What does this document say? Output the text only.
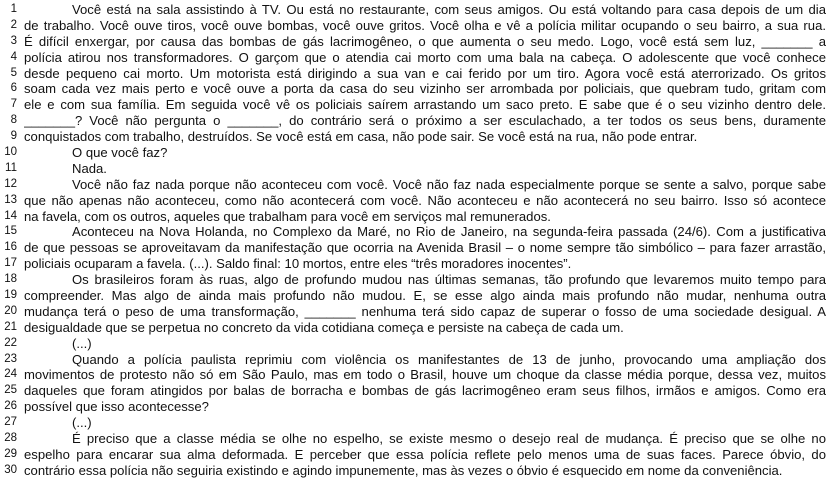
1	Você está na sala assistindo à TV. Ou está no restaurante, com seus amigos. Ou está voltando para casa depois de um dia
2 de trabalho. Você ouve tiros, você ouve bombas, você ouve gritos. Você olha e vê a polícia militar ocupando o seu bairro, a sua rua.
3 É difícil enxergar, por causa das bombas de gás lacrimogêneo, o que aumenta o seu medo. Logo, você está sem luz, _______ a
4 polícia atirou nos transformadores. O garçom que o atendia cai morto com uma bala na cabeça. O adolescente que você conhece
5 desde pequeno cai morto. Um motorista está dirigindo a sua van e cai ferido por um tiro. Agora você está aterrorizado. Os gritos
6 soam cada vez mais perto e você ouve a porta da casa do seu vizinho ser arrombada por policiais, que quebram tudo, gritam com
7 ele e com sua família. Em seguida você vê os policiais saírem arrastando um saco preto. E sabe que é o seu vizinho dentro dele.
8 _______? Você não pergunta o _______, do contrário será o próximo a ser esculachado, a ter todos os seus bens, duramente
9 conquistados com trabalho, destruídos. Se você está em casa, não pode sair. Se você está na rua, não pode entrar.
10	O que você faz?
11	Nada.
12	Você não faz nada porque não aconteceu com você. Você não faz nada especialmente porque se sente a salvo, porque sabe
13 que não apenas não aconteceu, como não acontecerá com você. Não aconteceu e não acontecerá no seu bairro. Isso só acontece
14 na favela, com os outros, aqueles que trabalham para você em serviços mal remunerados.
15	Aconteceu na Nova Holanda, no Complexo da Maré, no Rio de Janeiro, na segunda-feira passada (24/6). Com a justificativa
16 de que pessoas se aproveitavam da manifestação que ocorria na Avenida Brasil – o nome sempre tão simbólico – para fazer arrastão,
17 policiais ocuparam a favela. (...). Saldo final: 10 mortos, entre eles “três moradores inocentes”.
18	Os brasileiros foram às ruas, algo de profundo mudou nas últimas semanas, tão profundo que levaremos muito tempo para
19 compreender. Mas algo de ainda mais profundo não mudou. E, se esse algo ainda mais profundo não mudar, nenhuma outra
20 mudança terá o peso de uma transformação, _______ nenhuma terá sido capaz de superar o fosso de uma sociedade desigual. A
21 desigualdade que se perpetua no concreto da vida cotidiana começa e persiste na cabeça de cada um.
22	(...)
23	Quando a polícia paulista reprimiu com violência os manifestantes de 13 de junho, provocando uma ampliação dos
24 movimentos de protesto não só em São Paulo, mas em todo o Brasil, houve um choque da classe média porque, dessa vez, muitos
25 daqueles que foram atingidos por balas de borracha e bombas de gás lacrimogêneo eram seus filhos, irmãos e amigos. Como era
26 possível que isso acontecesse?
27	(...)
28	É preciso que a classe média se olhe no espelho, se existe mesmo o desejo real de mudança. É preciso que se olhe no
29 espelho para encarar sua alma deformada. E perceber que essa polícia reflete pelo menos uma de suas faces. Parece óbvio, do
30 contrário essa polícia não seguiria existindo e agindo impunemente, mas às vezes o óbvio é esquecido em nome da conveniência.
